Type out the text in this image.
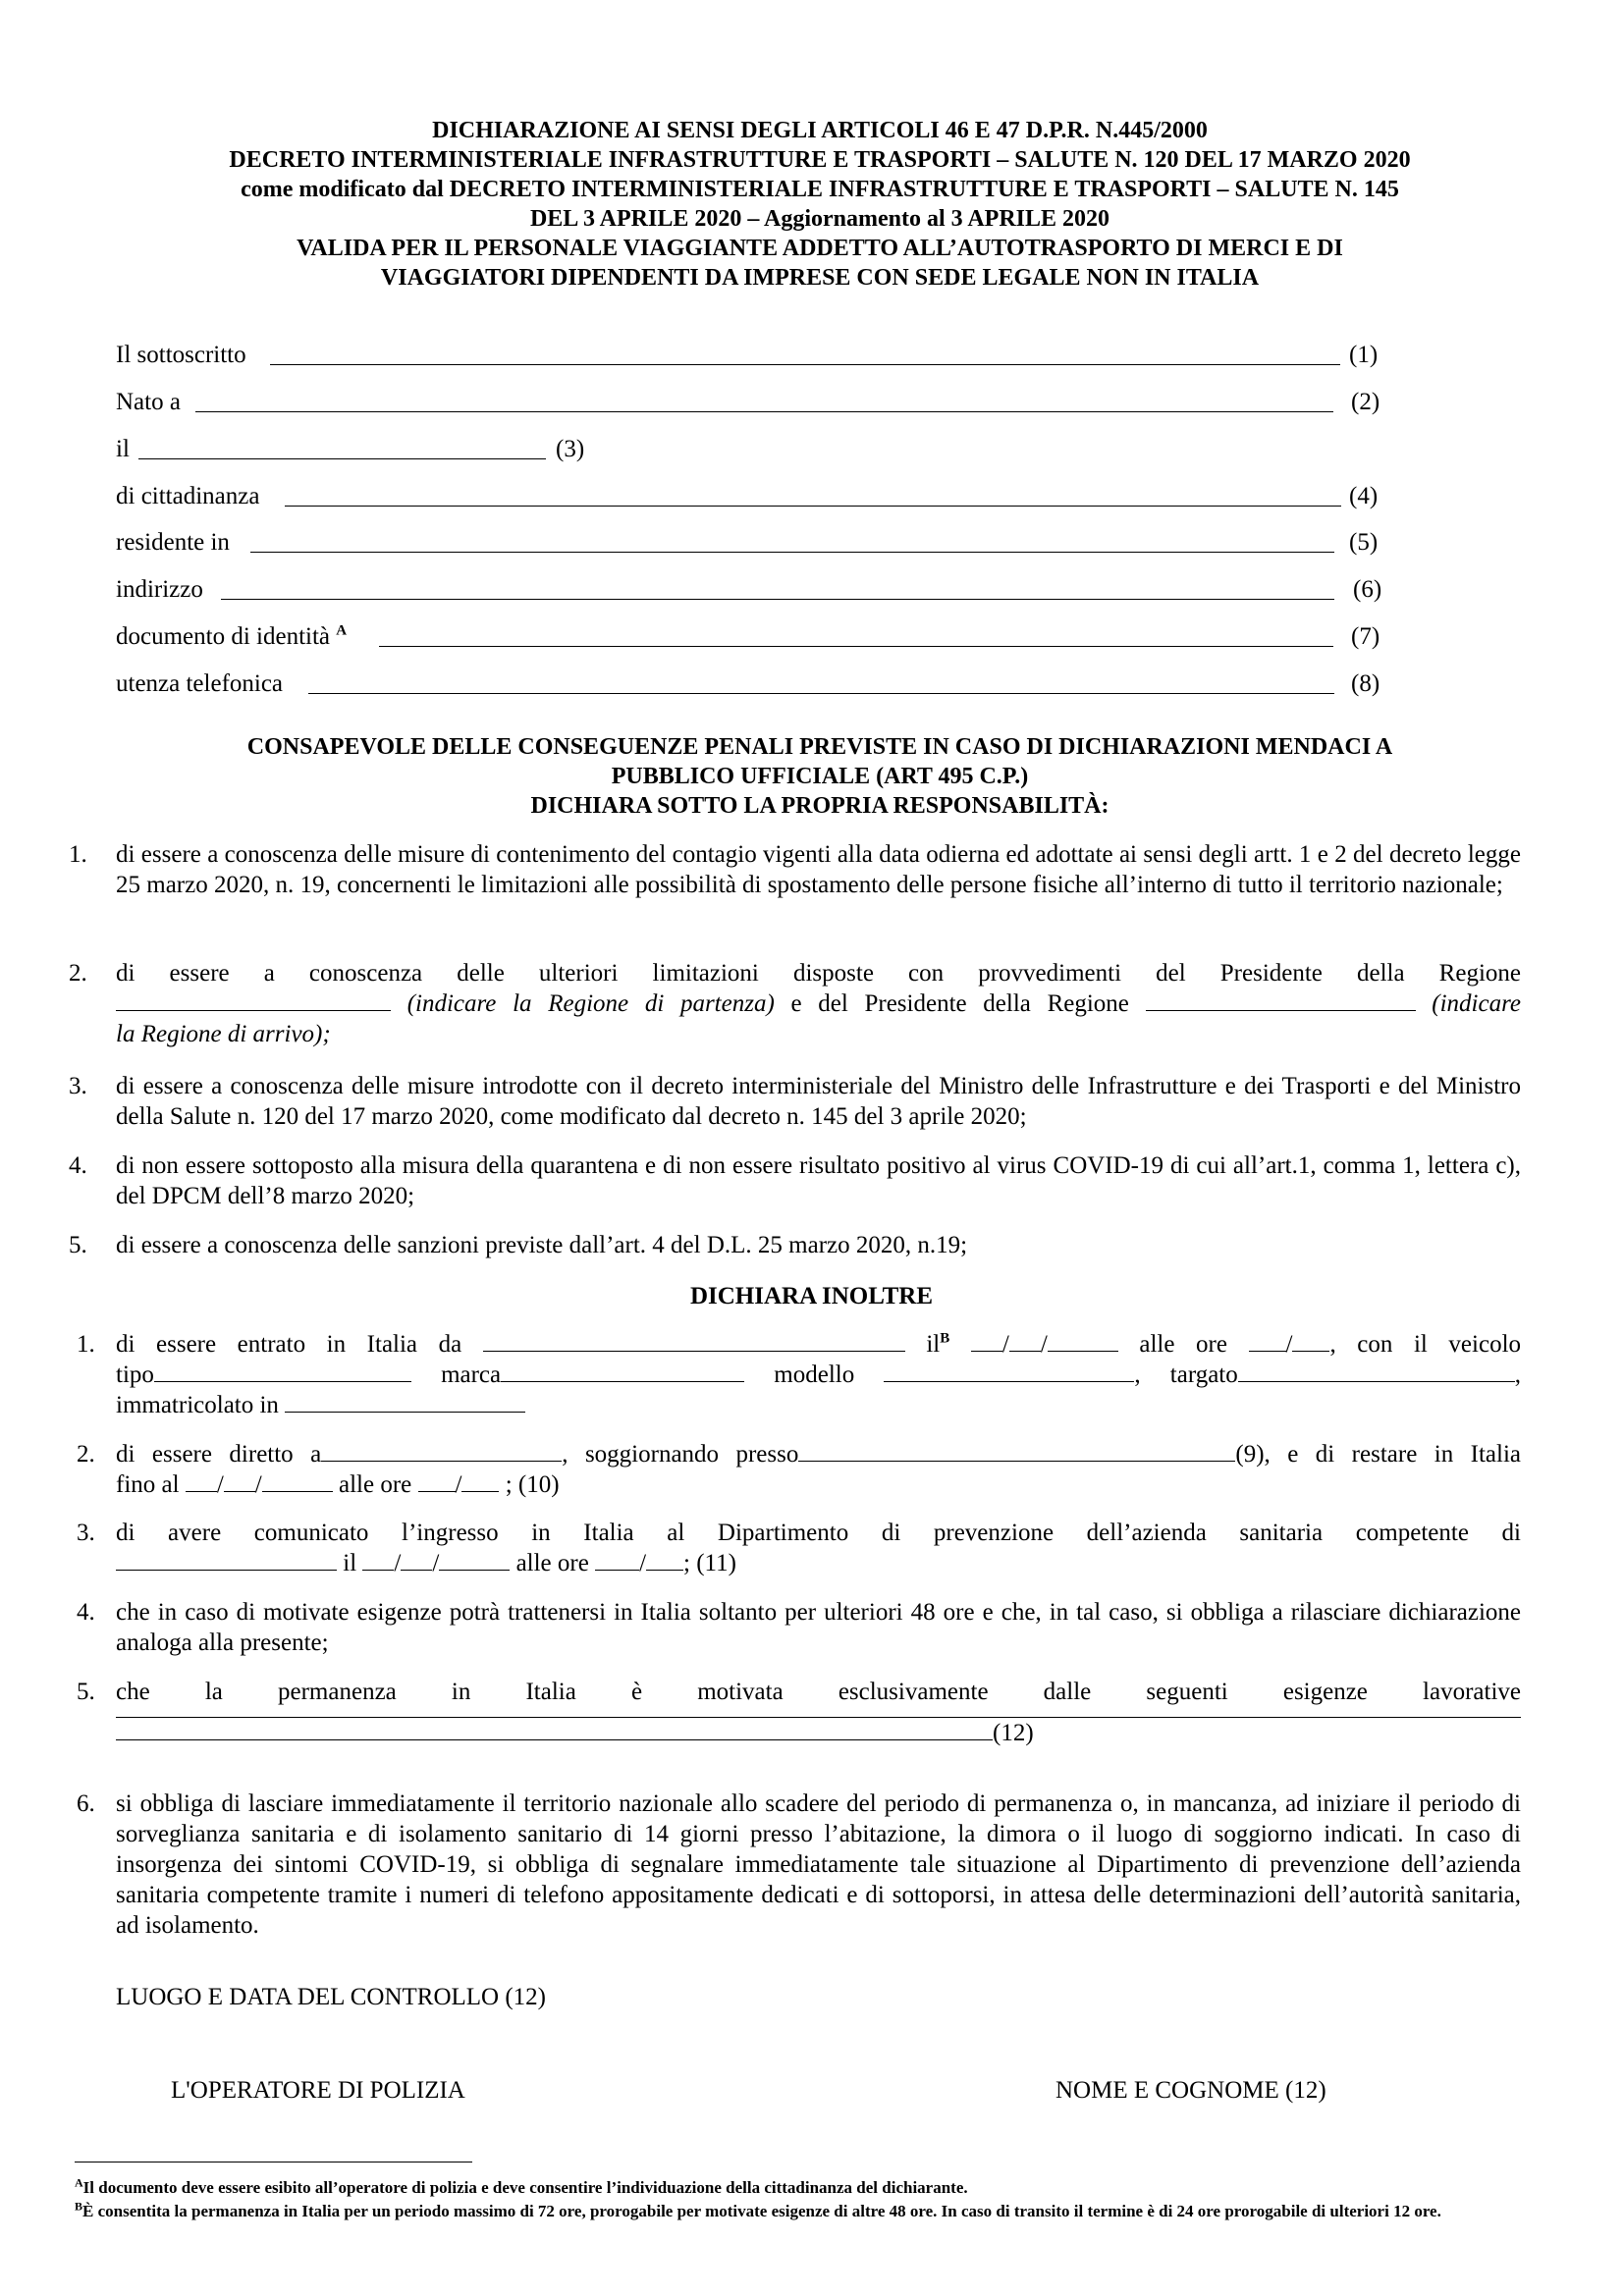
DICHIARAZIONE AI SENSI DEGLI ARTICOLI 46 E 47 D.P.R. N.445/2000
DECRETO INTERMINISTERIALE INFRASTRUTTURE E TRASPORTI – SALUTE N. 120 DEL 17 MARZO 2020
come modificato dal DECRETO INTERMINISTERIALE INFRASTRUTTURE E TRASPORTI – SALUTE N. 145
DEL 3 APRILE 2020 – Aggiornamento al 3 APRILE 2020
VALIDA PER IL PERSONALE VIAGGIANTE ADDETTO ALL’AUTOTRASPORTO DI MERCI E DI
VIAGGIATORI DIPENDENTI DA IMPRESE CON SEDE LEGALE NON IN ITALIA
Il sottoscritto	(1)
Nato a	(2)
il	(3)
di cittadinanza	(4)
residente in	(5)
indirizzo	(6)
documento di identità $^A$	(7)
utenza telefonica	(8)
CONSAPEVOLE DELLE CONSEGUENZE PENALI PREVISTE IN CASO DI DICHIARAZIONI MENDACI A
PUBBLICO UFFICIALE (ART 495 C.P.)
DICHIARA SOTTO LA PROPRIA RESPONSABILITÀ:
1. di essere a conoscenza delle misure di contenimento del contagio vigenti alla data odierna ed adottate ai sensi degli artt. 1 e 2 del decreto legge 25 marzo 2020, n. 19, concernenti le limitazioni alle possibilità di spostamento delle persone fisiche all’interno di tutto il territorio nazionale;
2. di essere a conoscenza delle ulteriori limitazioni disposte con provvedimenti del Presidente della Regione
(indicare la Regione di partenza) e del Presidente della Regione	(indicare
la Regione di arrivo);
3. di essere a conoscenza delle misure introdotte con il decreto interministeriale del Ministro delle Infrastrutture e dei Trasporti e del Ministro della Salute n. 120 del 17 marzo 2020, come modificato dal decreto n. 145 del 3 aprile 2020;
4. di non essere sottoposto alla misura della quarantena e di non essere risultato positivo al virus COVID-19 di cui all’art.1, comma 1, lettera c), del DPCM dell’8 marzo 2020;
5. di essere a conoscenza delle sanzioni previste dall’art. 4 del D.L. 25 marzo 2020, n.19;
DICHIARA INOLTRE
1. di essere entrato in Italia da	$il^B$ / /	alle ore / , con il veicolo
tipo	marca	modello	, targato	,
immatricolato in
2. di essere diretto a	, soggiornando presso	(9), e di restare in Italia
fino al / /	alle ore / ; (10)
3. di avere comunicato l’ingresso in Italia al Dipartimento di prevenzione dell’azienda sanitaria competente di
il / /	alle ore / ; (11)
4. che in caso di motivate esigenze potrà trattenersi in Italia soltanto per ulteriori 48 ore e che, in tal caso, si obbliga a rilasciare dichiarazione analoga alla presente;
5. che la permanenza in Italia è motivata esclusivamente dalle seguenti esigenze lavorative
(12)
6. si obbliga di lasciare immediatamente il territorio nazionale allo scadere del periodo di permanenza o, in mancanza, ad iniziare il periodo di sorveglianza sanitaria e di isolamento sanitario di 14 giorni presso l’abitazione, la dimora o il luogo di soggiorno indicati. In caso di insorgenza dei sintomi COVID-19, si obbliga di segnalare immediatamente tale situazione al Dipartimento di prevenzione dell’azienda sanitaria competente tramite i numeri di telefono appositamente dedicati e di sottoporsi, in attesa delle determinazioni dell’autorità sanitaria, ad isolamento.
LUOGO E DATA DEL CONTROLLO (12)
L'OPERATORE DI POLIZIA	NOME E COGNOME (12)
$^A$Il documento deve essere esibito all’operatore di polizia e deve consentire l’individuazione della cittadinanza del dichiarante.
$^B$È consentita la permanenza in Italia per un periodo massimo di 72 ore, prorogabile per motivate esigenze di altre 48 ore. In caso di transito il termine è di 24 ore prorogabile di ulteriori 12 ore.
